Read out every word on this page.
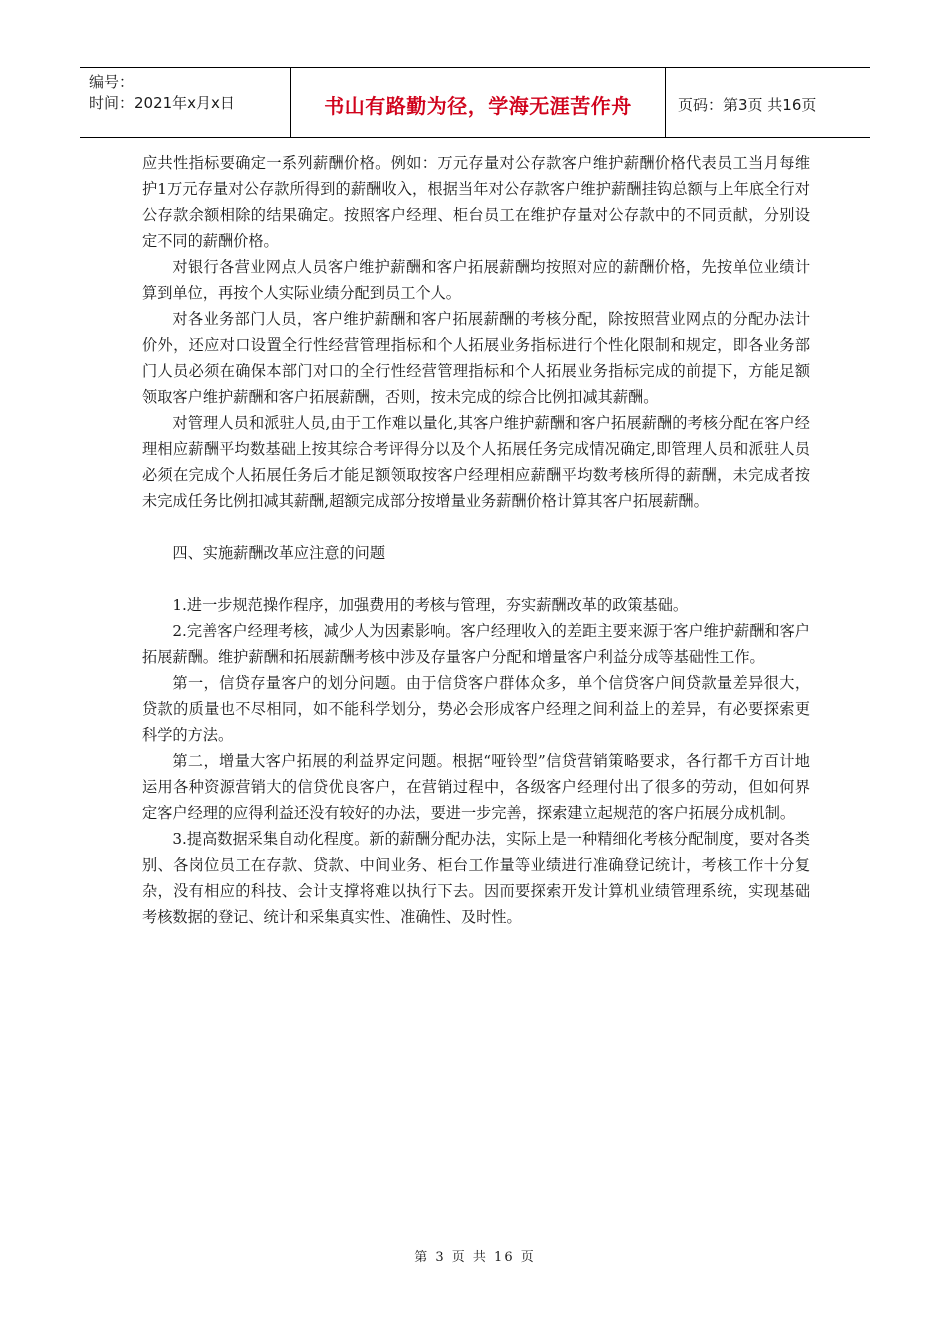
编号：
时间：2021年x月x日	书山有路勤为径，学海无涯苦作舟	页码：第3页 共16页

应共性指标要确定一系列薪酬价格。例如：万元存量对公存款客户维护薪酬价格代表员工当月每维护1万元存量对公存款所得到的薪酬收入，根据当年对公存款客户维护薪酬挂钩总额与上年底全行对公存款余额相除的结果确定。按照客户经理、柜台员工在维护存量对公存款中的不同贡献，分别设定不同的薪酬价格。

对银行各营业网点人员客户维护薪酬和客户拓展薪酬均按照对应的薪酬价格，先按单位业绩计算到单位，再按个人实际业绩分配到员工个人。

对各业务部门人员，客户维护薪酬和客户拓展薪酬的考核分配，除按照营业网点的分配办法计价外，还应对口设置全行性经营管理指标和个人拓展业务指标进行个性化限制和规定，即各业务部门人员必须在确保本部门对口的全行性经营管理指标和个人拓展业务指标完成的前提下，方能足额领取客户维护薪酬和客户拓展薪酬，否则，按未完成的综合比例扣减其薪酬。

对管理人员和派驻人员,由于工作难以量化,其客户维护薪酬和客户拓展薪酬的考核分配在客户经理相应薪酬平均数基础上按其综合考评得分以及个人拓展任务完成情况确定,即管理人员和派驻人员必须在完成个人拓展任务后才能足额领取按客户经理相应薪酬平均数考核所得的薪酬，未完成者按未完成任务比例扣减其薪酬,超额完成部分按增量业务薪酬价格计算其客户拓展薪酬。

四、实施薪酬改革应注意的问题

1.进一步规范操作程序，加强费用的考核与管理，夯实薪酬改革的政策基础。

2.完善客户经理考核，减少人为因素影响。客户经理收入的差距主要来源于客户维护薪酬和客户拓展薪酬。维护薪酬和拓展薪酬考核中涉及存量客户分配和增量客户利益分成等基础性工作。

第一，信贷存量客户的划分问题。由于信贷客户群体众多，单个信贷客户间贷款量差异很大，贷款的质量也不尽相同，如不能科学划分，势必会形成客户经理之间利益上的差异，有必要探索更科学的方法。

第二，增量大客户拓展的利益界定问题。根据“哑铃型”信贷营销策略要求，各行都千方百计地运用各种资源营销大的信贷优良客户，在营销过程中，各级客户经理付出了很多的劳动，但如何界定客户经理的应得利益还没有较好的办法，要进一步完善，探索建立起规范的客户拓展分成机制。

3.提高数据采集自动化程度。新的薪酬分配办法，实际上是一种精细化考核分配制度，要对各类别、各岗位员工在存款、贷款、中间业务、柜台工作量等业绩进行准确登记统计，考核工作十分复杂，没有相应的科技、会计支撑将难以执行下去。因而要探索开发计算机业绩管理系统，实现基础考核数据的登记、统计和采集真实性、准确性、及时性。

第 3 页 共 16 页
